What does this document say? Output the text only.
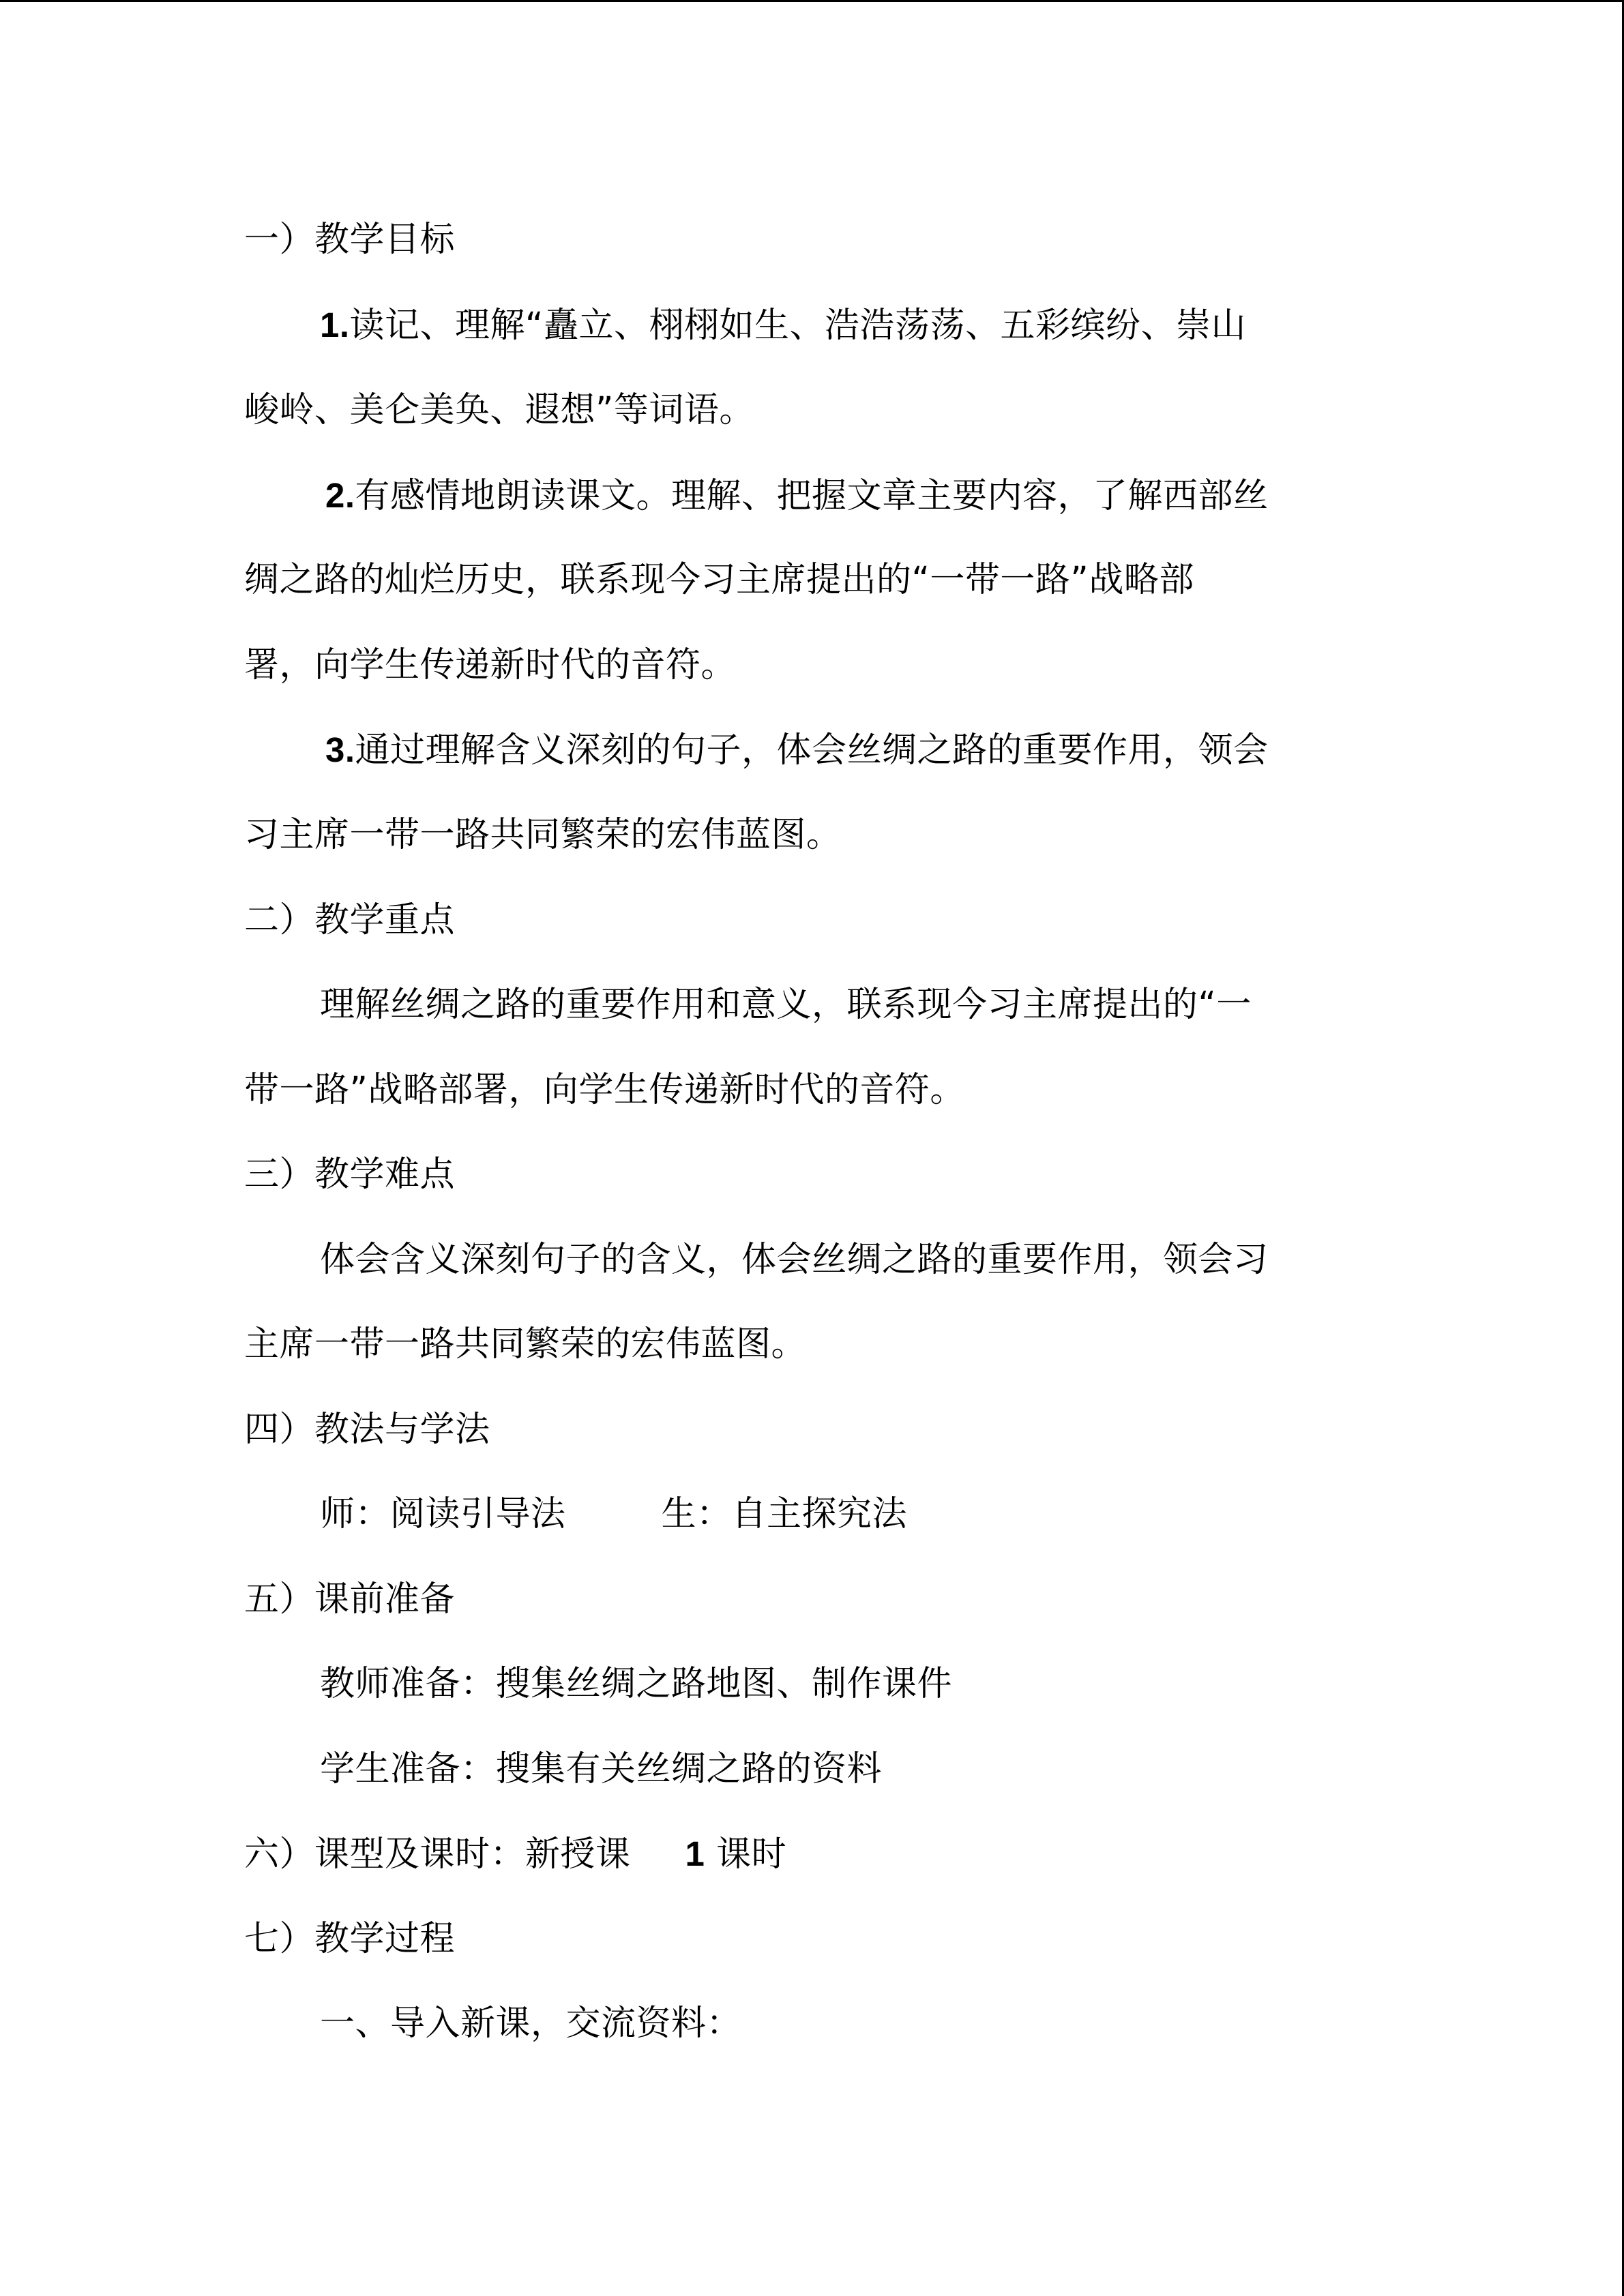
一）教学目标
1.读记、理解“矗立、栩栩如生、浩浩荡荡、五彩缤纷、崇山
峻岭、美仑美奂、遐想”等词语。
2.有感情地朗读课文。理解、把握文章主要内容，了解西部丝
绸之路的灿烂历史，联系现今习主席提出的“一带一路”战略部
署，向学生传递新时代的音符。
3.通过理解含义深刻的句子，体会丝绸之路的重要作用，领会
习主席一带一路共同繁荣的宏伟蓝图。
二）教学重点
理解丝绸之路的重要作用和意义，联系现今习主席提出的“一
带一路”战略部署，向学生传递新时代的音符。
三）教学难点
体会含义深刻句子的含义，体会丝绸之路的重要作用，领会习
主席一带一路共同繁荣的宏伟蓝图。
四）教法与学法
师：阅读引导法	生：自主探究法
五）课前准备
教师准备：搜集丝绸之路地图、制作课件
学生准备：搜集有关丝绸之路的资料
六）课型及课时：新授课 1 课时
七）教学过程
一、导入新课，交流资料：
